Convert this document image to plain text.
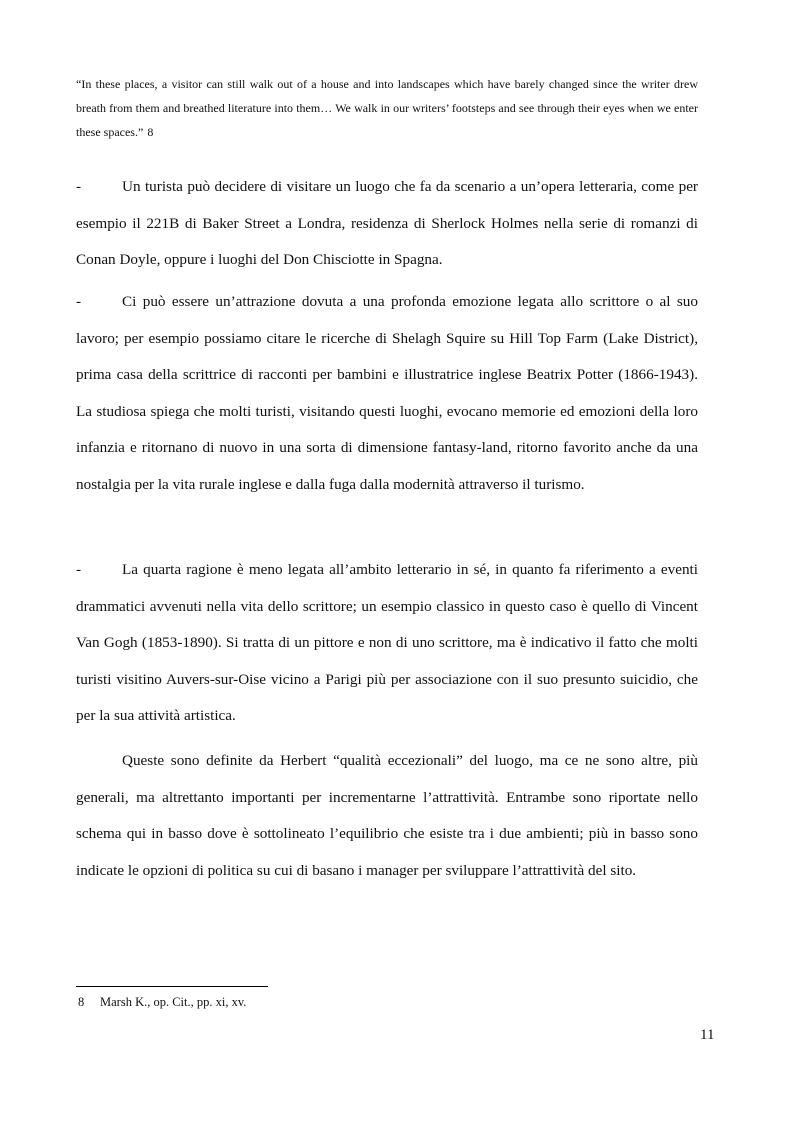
“In these places, a visitor can still walk out of a house and into landscapes which have barely changed since the writer drew breath from them and breathed literature into them… We walk in our writers’ footsteps and see through their eyes when we enter these spaces.” 8

-	Un turista può decidere di visitare un luogo che fa da scenario a un’opera letteraria, come per esempio il 221B di Baker Street a Londra, residenza di Sherlock Holmes nella serie di romanzi di Conan Doyle, oppure i luoghi del Don Chisciotte in Spagna.

-	Ci può essere un’attrazione dovuta a una profonda emozione legata allo scrittore o al suo lavoro; per esempio possiamo citare le ricerche di Shelagh Squire su Hill Top Farm (Lake District), prima casa della scrittrice di racconti per bambini e illustratrice inglese Beatrix Potter (1866-1943). La studiosa spiega che molti turisti, visitando questi luoghi, evocano memorie ed emozioni della loro infanzia e ritornano di nuovo in una sorta di dimensione fantasy-land, ritorno favorito anche da una nostalgia per la vita rurale inglese e dalla fuga dalla modernità attraverso il turismo.

-	La quarta ragione è meno legata all’ambito letterario in sé, in quanto fa riferimento a eventi drammatici avvenuti nella vita dello scrittore; un esempio classico in questo caso è quello di Vincent Van Gogh (1853-1890). Si tratta di un pittore e non di uno scrittore, ma è indicativo il fatto che molti turisti visitino Auvers-sur-Oise vicino a Parigi più per associazione con il suo presunto suicidio, che per la sua attività artistica.

Queste sono definite da Herbert “qualità eccezionali” del luogo, ma ce ne sono altre, più generali, ma altrettanto importanti per incrementarne l’attrattività. Entrambe sono riportate nello schema qui in basso dove è sottolineato l’equilibrio che esiste tra i due ambienti; più in basso sono indicate le opzioni di politica su cui di basano i manager per sviluppare l’attrattività del sito.

8 Marsh K., op. Cit., pp. xi, xv.
11
